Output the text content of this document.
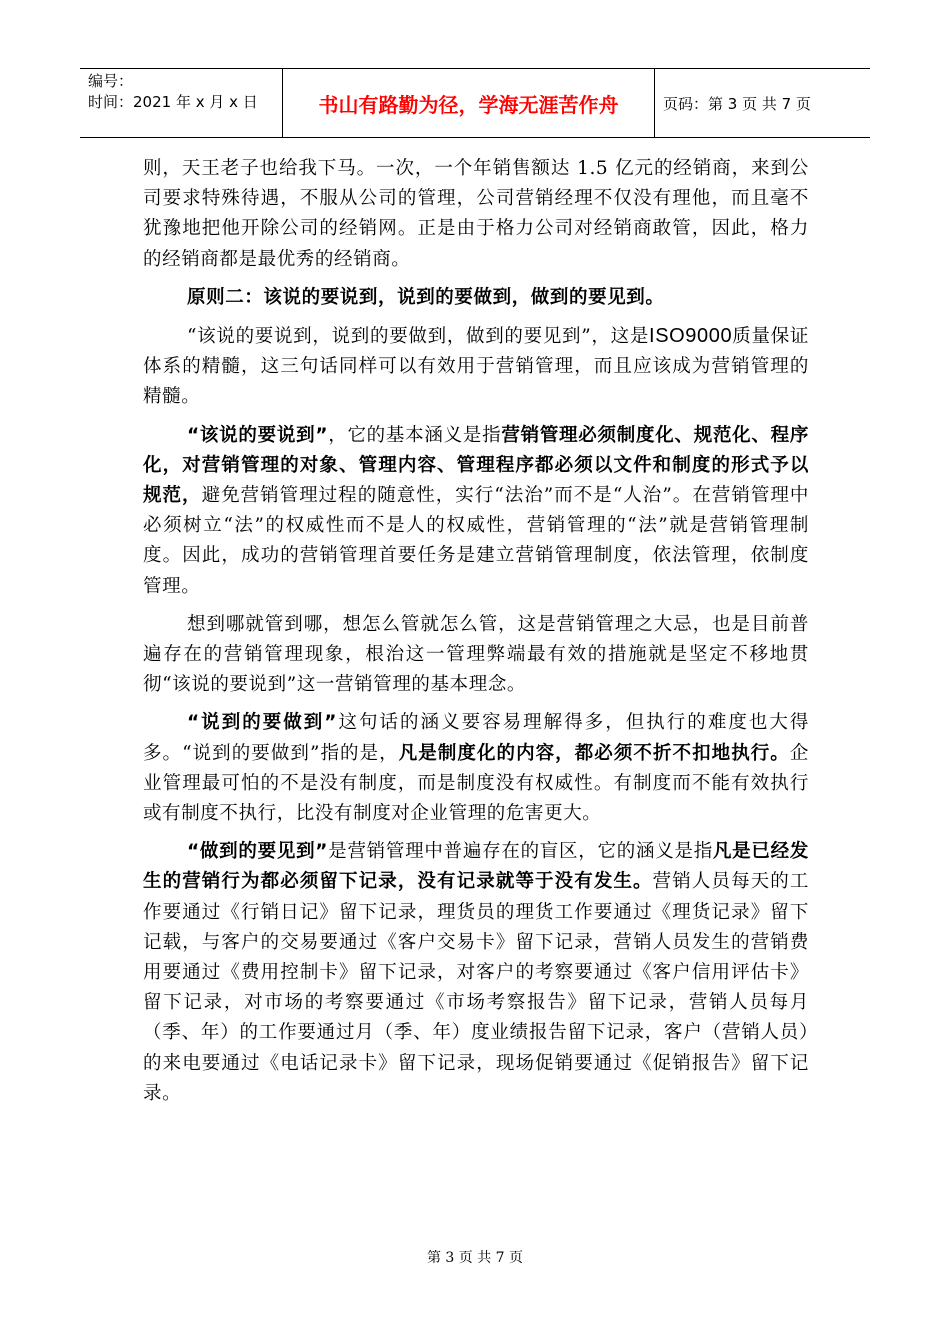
编号：
时间：2021 年 x 月 x 日	书山有路勤为径，学海无涯苦作舟	页码：第 3 页 共 7 页

则，天王老子也给我下马。一次，一个年销售额达 1.5 亿元的经销商，来到公司要求特殊待遇，不服从公司的管理，公司营销经理不仅没有理他，而且毫不犹豫地把他开除公司的经销网。正是由于格力公司对经销商敢管，因此，格力的经销商都是最优秀的经销商。

原则二：该说的要说到，说到的要做到，做到的要见到。

“该说的要说到，说到的要做到，做到的要见到”，这是ISO9000质量保证体系的精髓，这三句话同样可以有效用于营销管理，而且应该成为营销管理的精髓。

“该说的要说到”，它的基本涵义是指营销管理必须制度化、规范化、程序化，对营销管理的对象、管理内容、管理程序都必须以文件和制度的形式予以规范，避免营销管理过程的随意性，实行“法治”而不是“人治”。在营销管理中必须树立“法”的权威性而不是人的权威性，营销管理的“法”就是营销管理制度。因此，成功的营销管理首要任务是建立营销管理制度，依法管理，依制度管理。

想到哪就管到哪，想怎么管就怎么管，这是营销管理之大忌，也是目前普遍存在的营销管理现象，根治这一管理弊端最有效的措施就是坚定不移地贯彻“该说的要说到”这一营销管理的基本理念。

“说到的要做到”这句话的涵义要容易理解得多，但执行的难度也大得多。“说到的要做到”指的是，凡是制度化的内容，都必须不折不扣地执行。企业管理最可怕的不是没有制度，而是制度没有权威性。有制度而不能有效执行或有制度不执行，比没有制度对企业管理的危害更大。

“做到的要见到”是营销管理中普遍存在的盲区，它的涵义是指凡是已经发生的营销行为都必须留下记录，没有记录就等于没有发生。营销人员每天的工作要通过《行销日记》留下记录，理货员的理货工作要通过《理货记录》留下记载，与客户的交易要通过《客户交易卡》留下记录，营销人员发生的营销费用要通过《费用控制卡》留下记录，对客户的考察要通过《客户信用评估卡》留下记录，对市场的考察要通过《市场考察报告》留下记录，营销人员每月（季、年）的工作要通过月（季、年）度业绩报告留下记录，客户（营销人员）的来电要通过《电话记录卡》留下记录，现场促销要通过《促销报告》留下记录。

第 3 页 共 7 页
